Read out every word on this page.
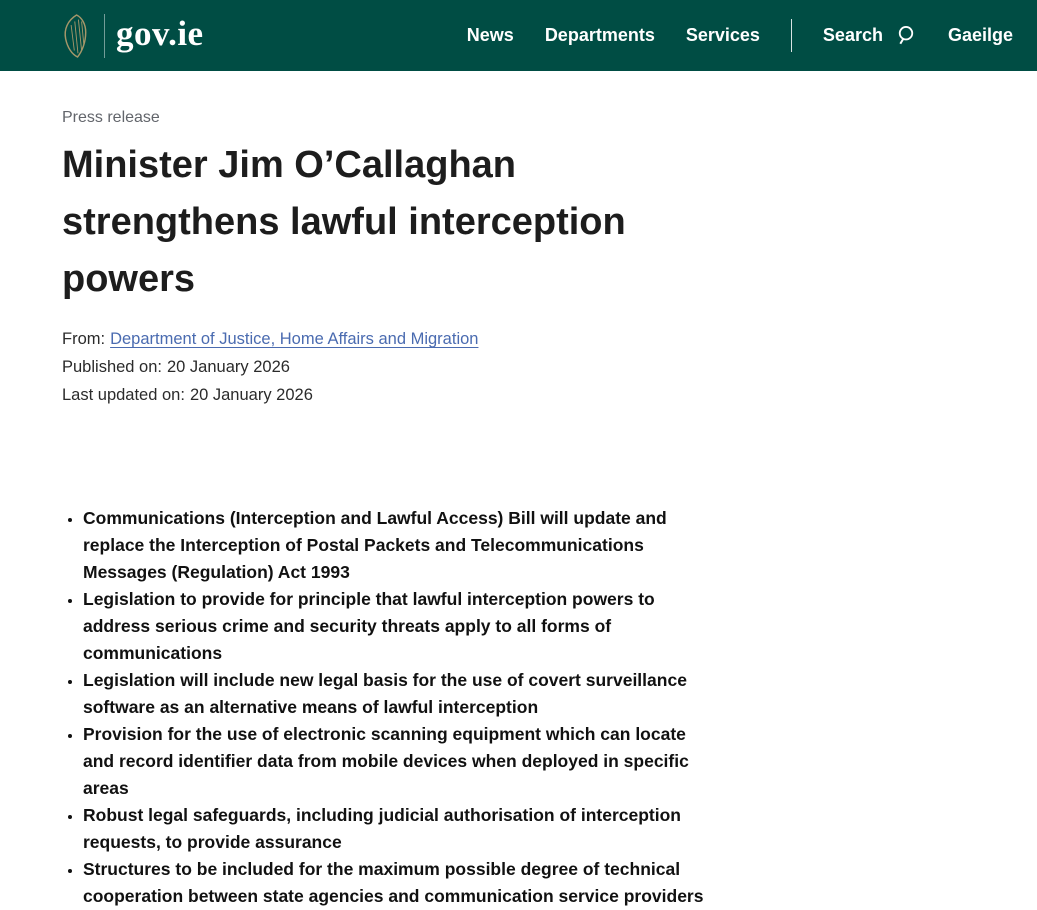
gov.ie	News Departments Services	Search	Gaeilge

Press release

Minister Jim O’Callaghan strengthens lawful interception powers

From: Department of Justice, Home Affairs and Migration

Published on: 20 January 2026

Last updated on: 20 January 2026

• Communications (Interception and Lawful Access) Bill will update and replace the Interception of Postal Packets and Telecommunications Messages (Regulation) Act 1993
• Legislation to provide for principle that lawful interception powers to address serious crime and security threats apply to all forms of communications
• Legislation will include new legal basis for the use of covert surveillance software as an alternative means of lawful interception
• Provision for the use of electronic scanning equipment which can locate and record identifier data from mobile devices when deployed in specific areas
• Robust legal safeguards, including judicial authorisation of interception requests, to provide assurance
• Structures to be included for the maximum possible degree of technical cooperation between state agencies and communication service providers
